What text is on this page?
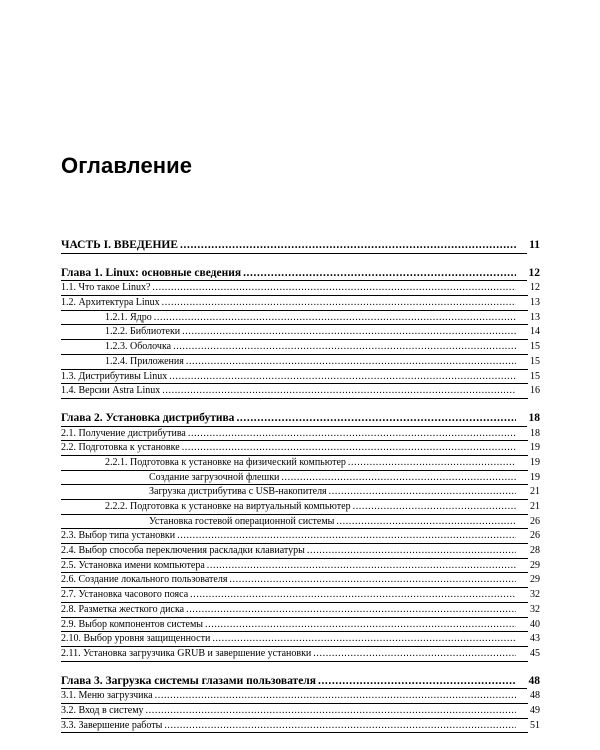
Оглавление
ЧАСТЬ I. ВВЕДЕНИЕ .....	11
Глава 1. Linux: основные сведения .....	12
1.1. Что такое Linux? .....	12
1.2. Архитектура Linux .....	13
1.2.1. Ядро .....	13
1.2.2. Библиотеки .....	14
1.2.3. Оболочка .....	15
1.2.4. Приложения .....	15
1.3. Дистрибутивы Linux .....	15
1.4. Версии Astra Linux .....	16
Глава 2. Установка дистрибутива .....	18
2.1. Получение дистрибутива .....	18
2.2. Подготовка к установке .....	19
2.2.1. Подготовка к установке на физический компьютер .....	19
Создание загрузочной флешки .....	19
Загрузка дистрибутива с USB-накопителя .....	21
2.2.2. Подготовка к установке на виртуальный компьютер .....	21
Установка гостевой операционной системы .....	26
2.3. Выбор типа установки .....	26
2.4. Выбор способа переключения раскладки клавиатуры .....	28
2.5. Установка имени компьютера .....	29
2.6. Создание локального пользователя .....	29
2.7. Установка часового пояса .....	32
2.8. Разметка жесткого диска .....	32
2.9. Выбор компонентов системы .....	40
2.10. Выбор уровня защищенности .....	43
2.11. Установка загрузчика GRUB и завершение установки .....	45
Глава 3. Загрузка системы глазами пользователя .....	48
3.1. Меню загрузчика .....	48
3.2. Вход в систему .....	49
3.3. Завершение работы .....	51
